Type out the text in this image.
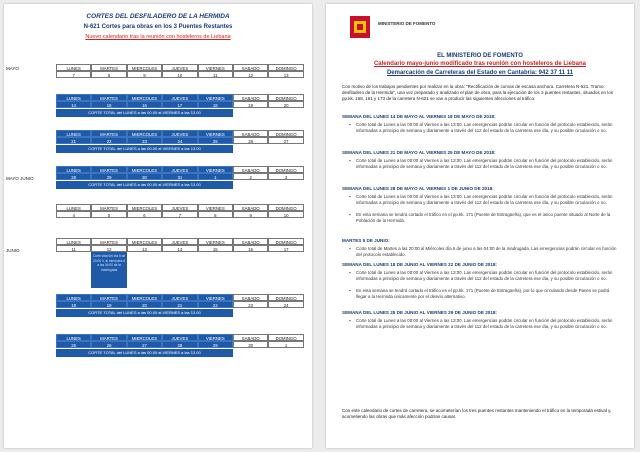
CORTES DEL DESFILADERO DE LA HERMIDA
N-621 Cortes para obras en los 3 Puentes Restantes
Nuevo calendario tras la reunión con hosteleros de Liebana
MAYO	LUNES
7
MARTES
8
MIERCOLES
9
JUEVES
10
VIERNES
11
SABADO
12
DOMINGO
13
LUNES
14
MARTES
15
MIERCOLES
16
JUEVES
17
VIERNES
18
SABADO
19
DOMINGO
20
CORTE TOTAL del LUNES a las 00.00 al VIERNES a las 13.00
LUNES
21
MARTES
22
MIERCOLES
23
JUEVES
24
VIERNES
25
SABADO
26
DOMINGO
27
CORTE TOTAL del LUNES a las 00.00 al VIERNES a las 13.00
MAYO JUNIO
LUNES
28
MARTES
29
MIERCOLES
30
JUEVES
31
VIERNES
1
SABADO
2
DOMINGO
3
CORTE TOTAL del LUNES a las 00.00 al VIERNES a las 13.00
LUNES
4
MARTES
5
MIERCOLES
6
JUEVES
7
VIERNES
8
SABADO
9
DOMINGO
10
JUNIO
LUNES
11
MARTES
12
MIERCOLES
13
JUEVES
14
VIERNES
15
SABADO
16
DOMINGO
17
LUNES
18
MARTES
19
MIERCOLES
20
JUEVES
21
VIERNES
22
SABADO
23
DOMINGO
24
CORTE TOTAL del LUNES a las 00.00 al VIERNES a las 13.00
LUNES
25
MARTES
26
MIERCOLES
27
JUEVES
28
VIERNES
29
SABADO
30
DOMINGO
1
CORTE TOTAL del LUNES a las 00.00 al VIERNES a las 13.00
Corte total del día 5 de 20:00 h. al miércoles 6 a las 04:00 de la madrugada
MINISTERIO DE FOMENTO
EL MINISTERIO DE FOMENTO
Calendario mayo-junio modificado tras reunión con hosteleros de Liebana
Demarcación de Carreteras del Estado en Cantabria: 942 37 11 11
Con motivo de los trabajos pendientes por realizar en la obra: "Rectificación de curvas de escasa anchura. Carretera N-621. Tramo: desfiladero de la Hermida", una vez preparado y analizado el plan de obra, para la ejecución de los 3 puentes restantes, situados en los pp.kk. 158, 161 y 173 de la carretera N-621 se van a producir las siguientes afecciones al tráfico:
SEMANA DEL LUNES 14 DE MAYO AL VIERNES 18 DE MAYO DE 2018:
▪ Corte total de Lunes a las 00:00 al Viernes a las 13:00. Las emergencias podrán circular en función del protocolo establecido, serán informadas a principio de semana y diariamente a través del 112 del estado de la carretera ese día, y su posible circulación o no.
SEMANA DEL LUNES 21 DE MAYO AL VIERNES 25 DE MAYO DE 2018:
▪ Corte total de Lunes a las 00:00 al Viernes a las 13:00. Las emergencias podrán circular en función del protocolo establecido, serán informadas a principio de semana y diariamente a través del 112 del estado de la carretera ese día, y su posible circulación o no.
SEMANA DEL LUNES 28 DE MAYO AL VIERNES 1 DE JUNIO DE 2018:
▪ Corte total de Lunes a las 00:00 al Viernes a las 13:00. Las emergencias podrán circular en función del protocolo establecido, serán informadas a principio de semana y diariamente a través del 112 del estado de la carretera ese día, y su posible circulación o no.
▪ En esta semana se tendrá cortado el tráfico en el pp.kk. 171 (Puente de Estragüeña), que es el único puente situado al Norte de la Población de la Hermida.
MARTES 5 DE JUNIO:
▪ Corte total de Martes a las 20:00 al Miércoles día 6 de junio a las 04:00 de la madrugada. Las emergencias podrán circular en función del protocolo establecido.
SEMANA DEL LUNES 18 DE JUNIO AL VIERNES 22 DE JUNIO DE 2018:
▪ Corte total de Lunes a las 00:00 al Viernes a las 13:00. Las emergencias podrán circular en función del protocolo establecido, serán informadas a principio de semana y diariamente a través del 112 del estado de la carretera ese día, y su posible circulación o no.
▪ En esta semana se tendrá cortado el tráfico en el pp.kk. 171 (Puente de Estragüeña), por lo que circulando desde Panes se podrá llegar a la Hermida únicamente por el desvío alternativo.
SEMANA DEL LUNES 25 DE JUNIO AL VIERNES 29 DE JUNIO DE 2018:
▪ Corte total de Lunes a las 00:00 al Viernes a las 13:00. Las emergencias podrán circular en función del protocolo establecido, serán informadas a principio de semana y diariamente a través del 112 del estado de la carretera ese día, y su posible circulación o no.
Con este calendario de cortes de carretera, se acometerían los tres puentes restantes manteniendo el tráfico en la temporada estival y, acometiendo las obras que más afección podrían causar.
